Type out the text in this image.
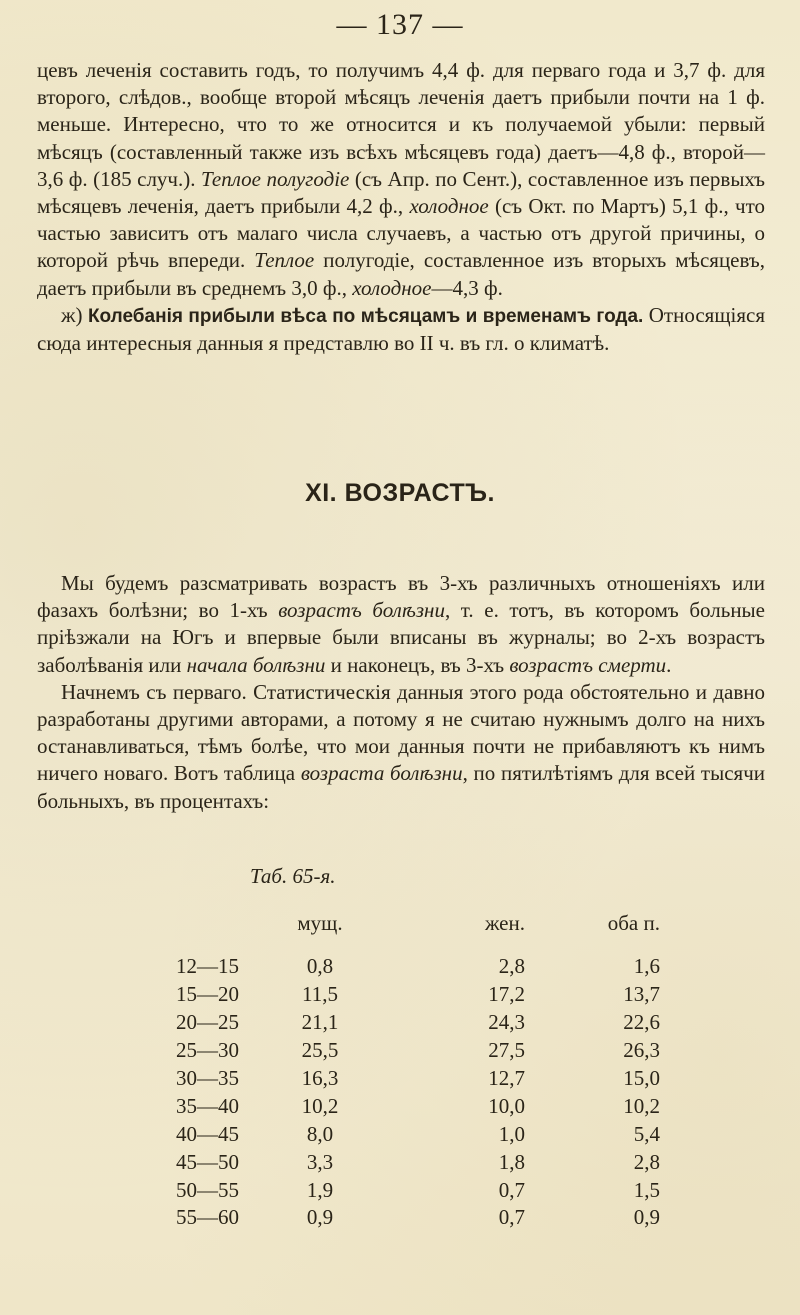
— 137 —

цевъ леченія составить годъ, то получимъ 4,4 ф. для перваго года и 3,7 ф. для второго, слѣдов., вообще второй мѣсяцъ леченія даетъ прибыли почти на 1 ф. меньше. Интересно, что то же относится и къ получаемой убыли: первый мѣсяцъ (составленный также изъ всѣхъ мѣсяцевъ года) даетъ—4,8 ф., второй—3,6 ф. (185 случ.). Теплое полугодіе (съ Апр. по Сент.), составленное изъ первыхъ мѣсяцевъ леченія, даетъ прибыли 4,2 ф., холодное (съ Окт. по Мартъ) 5,1 ф., что частью зависитъ отъ малаго числа случаевъ, а частью отъ другой причины, о которой рѣчь впереди. Теплое полугодіе, составленное изъ вторыхъ мѣсяцевъ, даетъ прибыли въ среднемъ 3,0 ф., холодное—4,3 ф.

ж) Колебанія прибыли вѣса по мѣсяцамъ и временамъ года. Относящіяся сюда интересныя данныя я представлю во II ч. въ гл. о климатѣ.

XI. ВОЗРАСТЪ.

Мы будемъ разсматривать возрастъ въ 3-хъ различныхъ отношеніяхъ или фазахъ болѣзни; во 1-хъ возрастъ болѣзни, т. е. тотъ, въ которомъ больные пріѣзжали на Югъ и впервые были вписаны въ журналы; во 2-хъ возрастъ заболѣванія или начала болѣзни и наконецъ, въ 3-хъ возрастъ смерти.

Начнемъ съ перваго. Статистическія данныя этого рода обстоятельно и давно разработаны другими авторами, а потому я не считаю нужнымъ долго на нихъ останавливаться, тѣмъ болѣе, что мои данныя почти не прибавляютъ къ нимъ ничего новаго. Вотъ таблица возраста болѣзни, по пятилѣтіямъ для всей тысячи больныхъ, въ процентахъ:

Таб. 65-я.
	мущ.	жен.	оба п.
12—15	0,8	2,8	1,6
15—20	11,5	17,2	13,7
20—25	21,1	24,3	22,6
25—30	25,5	27,5	26,3
30—35	16,3	12,7	15,0
35—40	10,2	10,0	10,2
40—45	8,0	1,0	5,4
45—50	3,3	1,8	2,8
50—55	1,9	0,7	1,5
55—60	0,9	0,7	0,9
